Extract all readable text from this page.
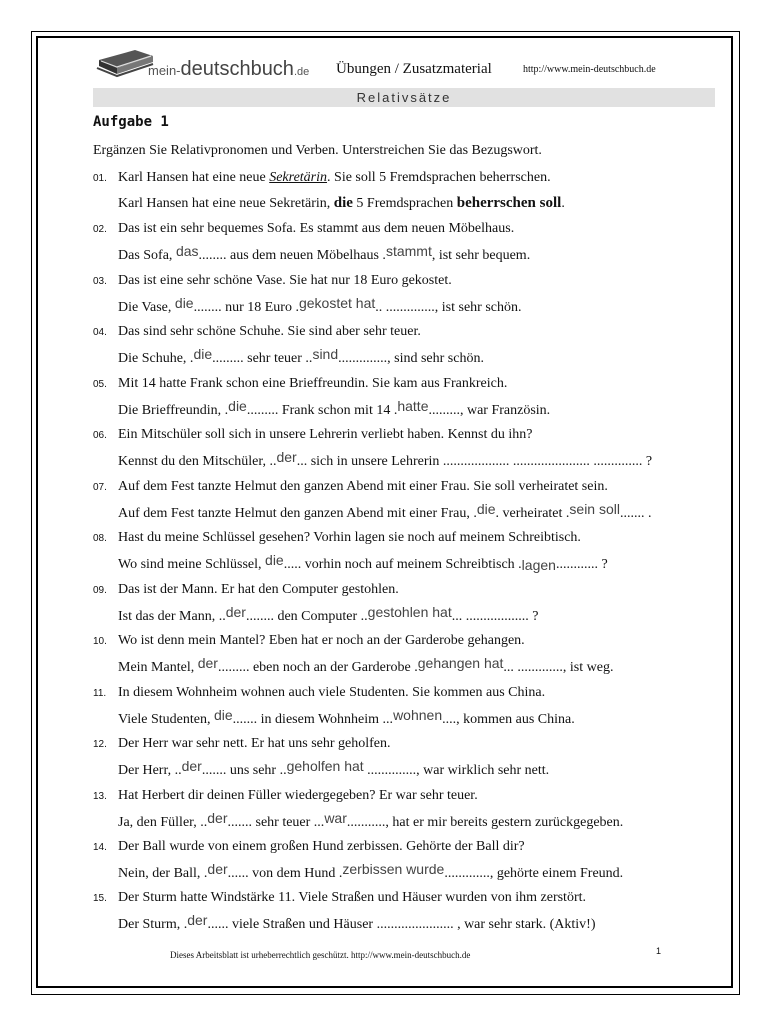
mein-deutschbuch.de Übungen / Zusatzmaterial	http://www.mein-deutschbuch.de
Relativsätze
Aufgabe 1
Ergänzen Sie Relativpronomen und Verben. Unterstreichen Sie das Bezugswort.
01. Karl Hansen hat eine neue Sekretärin. Sie soll 5 Fremdsprachen beherrschen.
Karl Hansen hat eine neue Sekretärin, die 5 Fremdsprachen beherrschen soll.
02. Das ist ein sehr bequemes Sofa. Es stammt aus dem neuen Möbelhaus.
Das Sofa, das........ aus dem neuen Möbelhaus .stammt, ist sehr bequem.
03. Das ist eine sehr schöne Vase. Sie hat nur 18 Euro gekostet.
Die Vase, die........ nur 18 Euro .gekostet hat.. .............., ist sehr schön.
04. Das sind sehr schöne Schuhe. Sie sind aber sehr teuer.
Die Schuhe, .die......... sehr teuer ..sind.............., sind sehr schön.
05. Mit 14 hatte Frank schon eine Brieffreundin. Sie kam aus Frankreich.
Die Brieffreundin, .die......... Frank schon mit 14 .hatte........., war Französin.
06. Ein Mitschüler soll sich in unsere Lehrerin verliebt haben. Kennst du ihn?
Kennst du den Mitschüler, ..der... sich in unsere Lehrerin ................... ...................... .............. ?
07. Auf dem Fest tanzte Helmut den ganzen Abend mit einer Frau. Sie soll verheiratet sein.
Auf dem Fest tanzte Helmut den ganzen Abend mit einer Frau, .die. verheiratet .sein soll....... .
08. Hast du meine Schlüssel gesehen? Vorhin lagen sie noch auf meinem Schreibtisch.
Wo sind meine Schlüssel, die..... vorhin noch auf meinem Schreibtisch .lagen............ ?
09. Das ist der Mann. Er hat den Computer gestohlen.
Ist das der Mann, ..der........ den Computer ..gestohlen hat... .................. ?
10. Wo ist denn mein Mantel? Eben hat er noch an der Garderobe gehangen.
Mein Mantel, der......... eben noch an der Garderobe .gehangen hat... ............., ist weg.
11. In diesem Wohnheim wohnen auch viele Studenten. Sie kommen aus China.
Viele Studenten, die....... in diesem Wohnheim ...wohnen...., kommen aus China.
12. Der Herr war sehr nett. Er hat uns sehr geholfen.
Der Herr, ..der....... uns sehr ..geholfen hat .............., war wirklich sehr nett.
13. Hat Herbert dir deinen Füller wiedergegeben? Er war sehr teuer.
Ja, den Füller, ..der....... sehr teuer ...war..........., hat er mir bereits gestern zurückgegeben.
14. Der Ball wurde von einem großen Hund zerbissen. Gehörte der Ball dir?
Nein, der Ball, .der...... von dem Hund .zerbissen wurde............., gehörte einem Freund.
15. Der Sturm hatte Windstärke 11. Viele Straßen und Häuser wurden von ihm zerstört.
Der Sturm, .der...... viele Straßen und Häuser ...................... , war sehr stark. (Aktiv!)
Dieses Arbeitsblatt ist urheberrechtlich geschützt. http://www.mein-deutschbuch.de	1
